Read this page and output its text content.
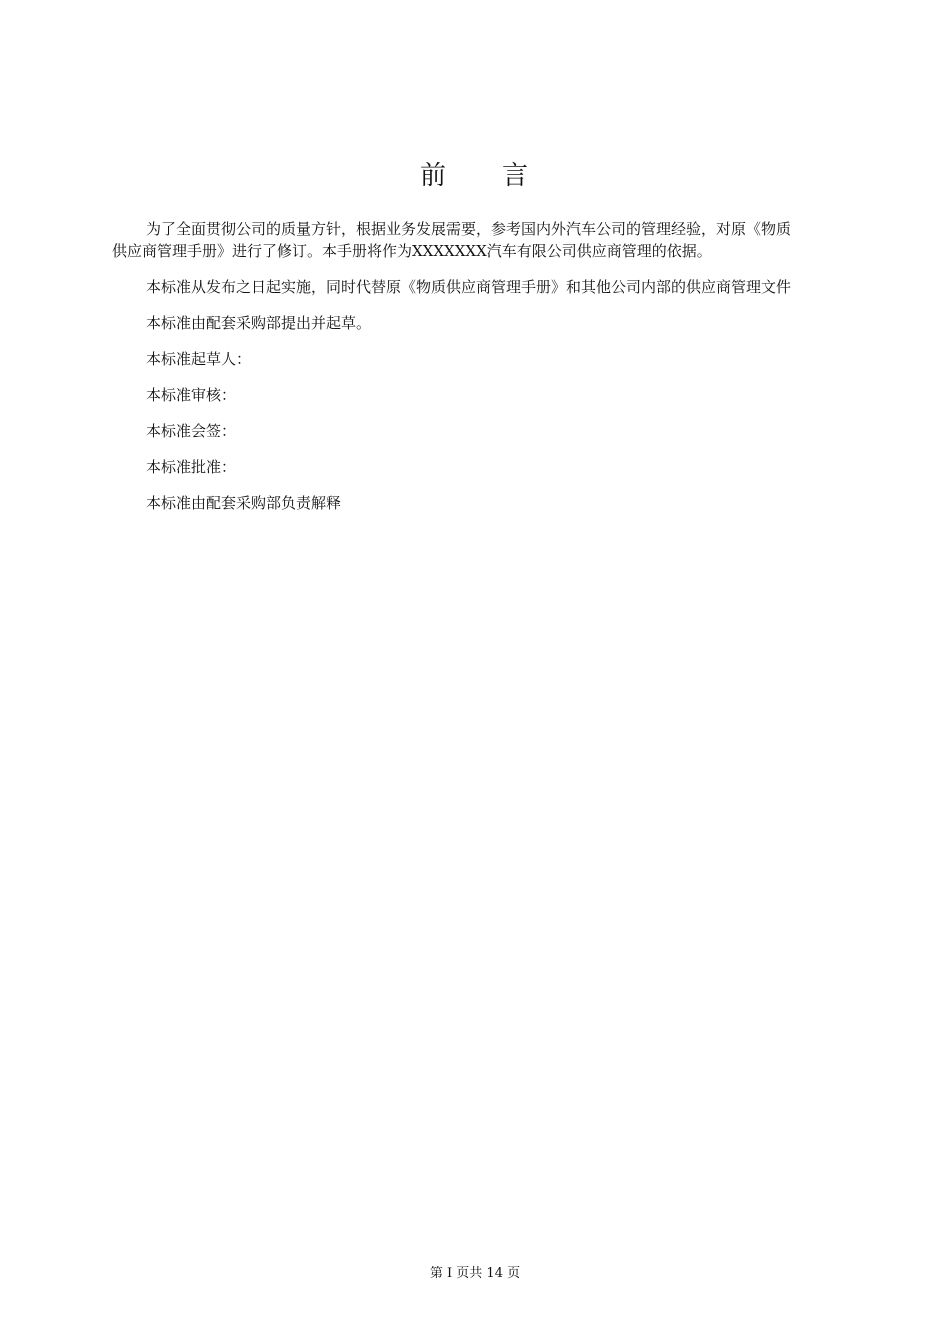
前 言

为了全面贯彻公司的质量方针，根据业务发展需要，参考国内外汽车公司的管理经验，对原《物质

供应商管理手册》进行了修订。本手册将作为XXXXXXX汽车有限公司供应商管理的依据。

本标准从发布之日起实施，同时代替原《物质供应商管理手册》和其他公司内部的供应商管理文件

本标准由配套采购部提出并起草。

本标准起草人：

本标准审核：

本标准会签：

本标准批准：

本标准由配套采购部负责解释

第 I 页共 14 页
